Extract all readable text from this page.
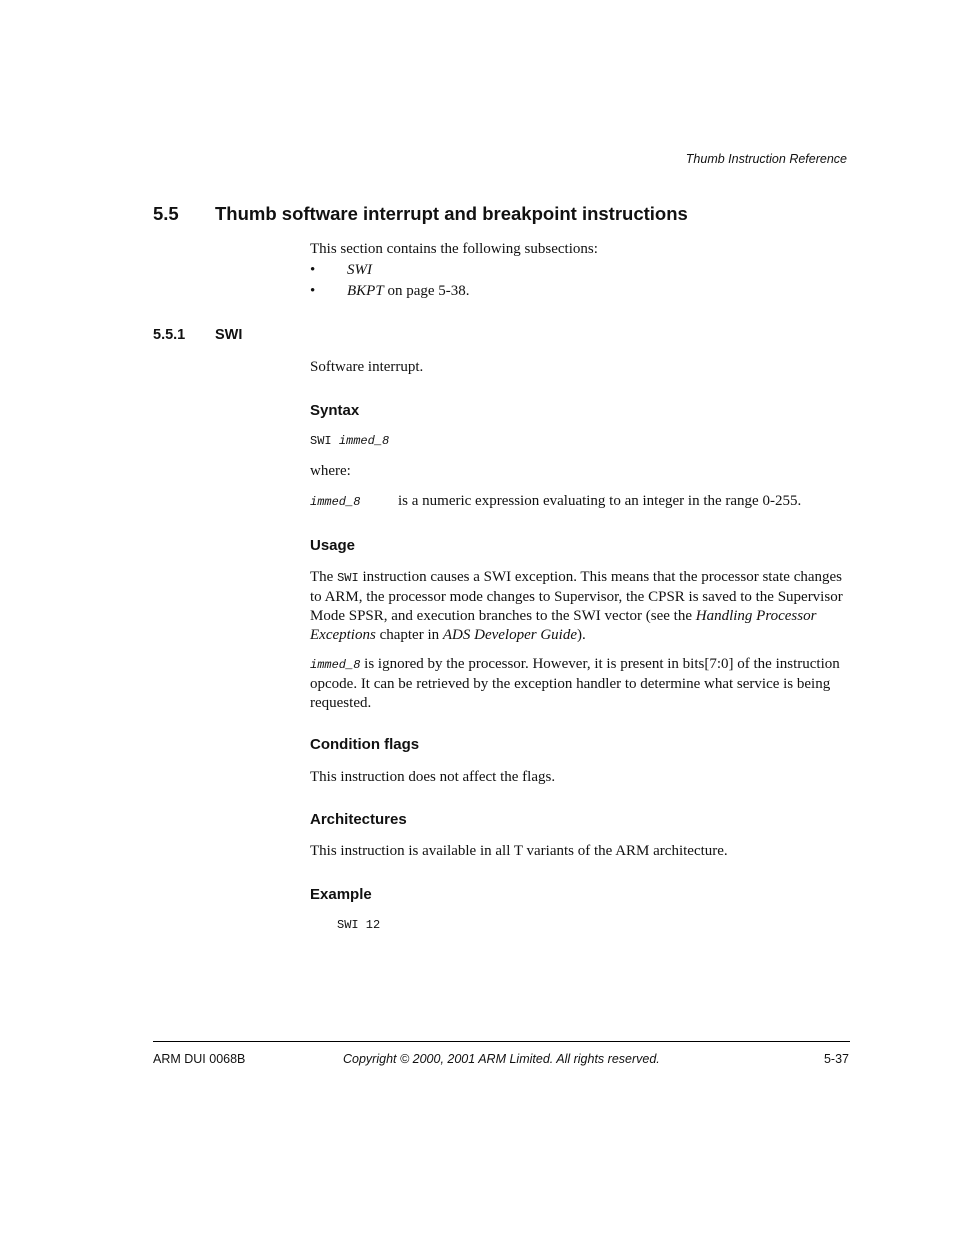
Thumb Instruction Reference
5.5 Thumb software interrupt and breakpoint instructions
This section contains the following subsections:
• SWI
• BKPT on page 5-38.
5.5.1 SWI
Software interrupt.
Syntax
SWI immed_8
where:
immed_8	is a numeric expression evaluating to an integer in the range 0-255.
Usage
The SWI instruction causes a SWI exception. This means that the processor state changes to ARM, the processor mode changes to Supervisor, the CPSR is saved to the Supervisor Mode SPSR, and execution branches to the SWI vector (see the Handling Processor Exceptions chapter in ADS Developer Guide).
immed_8 is ignored by the processor. However, it is present in bits[7:0] of the instruction opcode. It can be retrieved by the exception handler to determine what service is being requested.
Condition flags
This instruction does not affect the flags.
Architectures
This instruction is available in all T variants of the ARM architecture.
Example
SWI 12
ARM DUI 0068B	Copyright © 2000, 2001 ARM Limited. All rights reserved.	5-37
